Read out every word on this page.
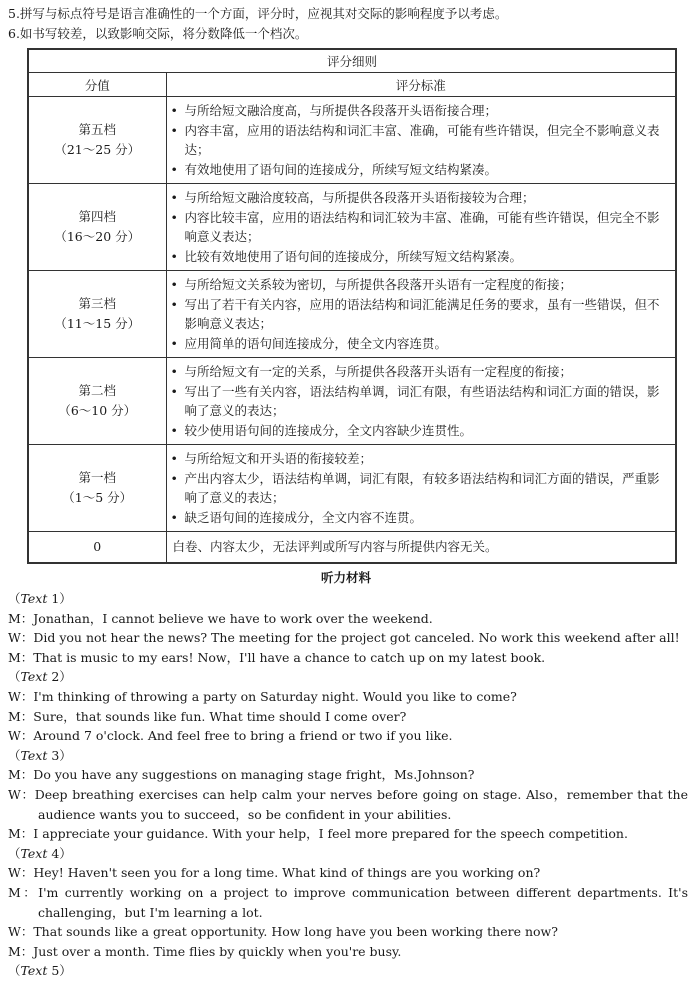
5.拼写与标点符号是语言准确性的一个方面，评分时，应视其对交际的影响程度予以考虑。
6.如书写较差，以致影响交际，将分数降低一个档次。
评分细则	
分值	评分标准

第五档
（21～25 分）	• 与所给短文融洽度高，与所提供各段落开头语衔接合理；
• 内容丰富，应用的语法结构和词汇丰富、准确，可能有些许错误，但完全不影响意义表达；
• 有效地使用了语句间的连接成分，所续写短文结构紧凑。

第四档
（16～20 分）	• 与所给短文融洽度较高，与所提供各段落开头语衔接较为合理；
• 内容比较丰富，应用的语法结构和词汇较为丰富、准确，可能有些许错误，但完全不影响意义表达；
• 比较有效地使用了语句间的连接成分，所续写短文结构紧凑。

第三档
（11～15 分）	• 与所给短文关系较为密切，与所提供各段落开头语有一定程度的衔接；
• 写出了若干有关内容，应用的语法结构和词汇能满足任务的要求，虽有一些错误，但不影响意义表达；
• 应用简单的语句间连接成分，使全文内容连贯。

第二档
（6～10 分）	• 与所给短文有一定的关系，与所提供各段落开头语有一定程度的衔接；
• 写出了一些有关内容，语法结构单调，词汇有限，有些语法结构和词汇方面的错误，影响了意义的表达；
• 较少使用语句间的连接成分，全文内容缺少连贯性。

第一档
（1～5 分）	• 与所给短文和开头语的衔接较差；
• 产出内容太少，语法结构单调，词汇有限，有较多语法结构和词汇方面的错误，严重影响了意义的表达；
• 缺乏语句间的连接成分，全文内容不连贯。

0	白卷、内容太少，无法评判或所写内容与所提供内容无关。
听力材料
（Text 1）
M：Jonathan，I cannot believe we have to work over the weekend.
W：Did you not hear the news? The meeting for the project got canceled. No work this weekend after all!
M：That is music to my ears! Now，I'll have a chance to catch up on my latest book.
（Text 2）
W：I'm thinking of throwing a party on Saturday night. Would you like to come?
M：Sure，that sounds like fun. What time should I come over?
W：Around 7 o'clock. And feel free to bring a friend or two if you like.
（Text 3）
M：Do you have any suggestions on managing stage fright，Ms.Johnson?
W：Deep breathing exercises can help calm your nerves before going on stage. Also，remember that the audience wants you to succeed，so be confident in your abilities.
M：I appreciate your guidance. With your help，I feel more prepared for the speech competition.
（Text 4）
W：Hey! Haven't seen you for a long time. What kind of things are you working on?
M：I'm currently working on a project to improve communication between different departments. It's challenging，but I'm learning a lot.
W：That sounds like a great opportunity. How long have you been working there now?
M：Just over a month. Time flies by quickly when you're busy.
（Text 5）
